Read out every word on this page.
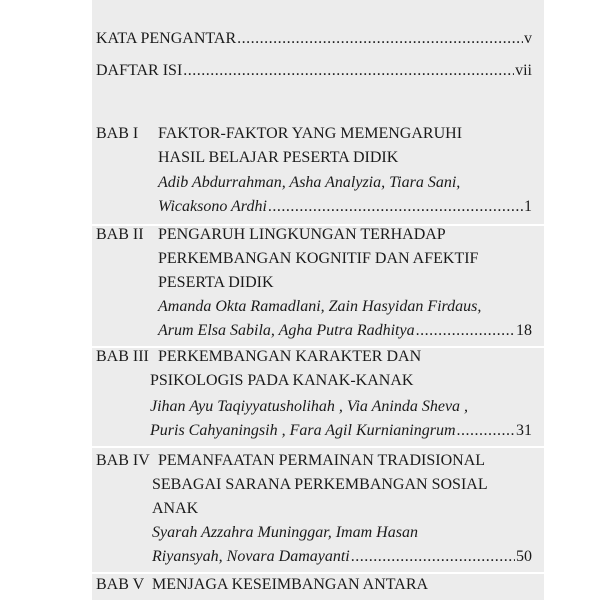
KATA PENGANTAR .....	v
DAFTAR ISI .....	vii
BAB I	FAKTOR-FAKTOR YANG MEMENGARUHI
HASIL BELAJAR PESERTA DIDIK
Adib Abdurrahman, Asha Analyzia, Tiara Sani,
Wicaksono Ardhi .....	1
BAB II PENGARUH LINGKUNGAN TERHADAP
PERKEMBANGAN KOGNITIF DAN AFEKTIF
PESERTA DIDIK
Amanda Okta Ramadlani, Zain Hasyidan Firdaus,
Arum Elsa Sabila, Agha Putra Radhitya .....	18
BAB III PERKEMBANGAN KARAKTER DAN
PSIKOLOGIS PADA KANAK-KANAK
Jihan Ayu Taqiyyatusholihah , Via Aninda Sheva ,
Puris Cahyaningsih , Fara Agil Kurnianingrum .....	31
BAB IV PEMANFAATAN PERMAINAN TRADISIONAL
SEBAGAI SARANA PERKEMBANGAN SOSIAL
ANAK
Syarah Azzahra Muninggar, Imam Hasan
Riyansyah, Novara Damayanti .....	50
BAB V MENJAGA KESEIMBANGAN ANTARA
